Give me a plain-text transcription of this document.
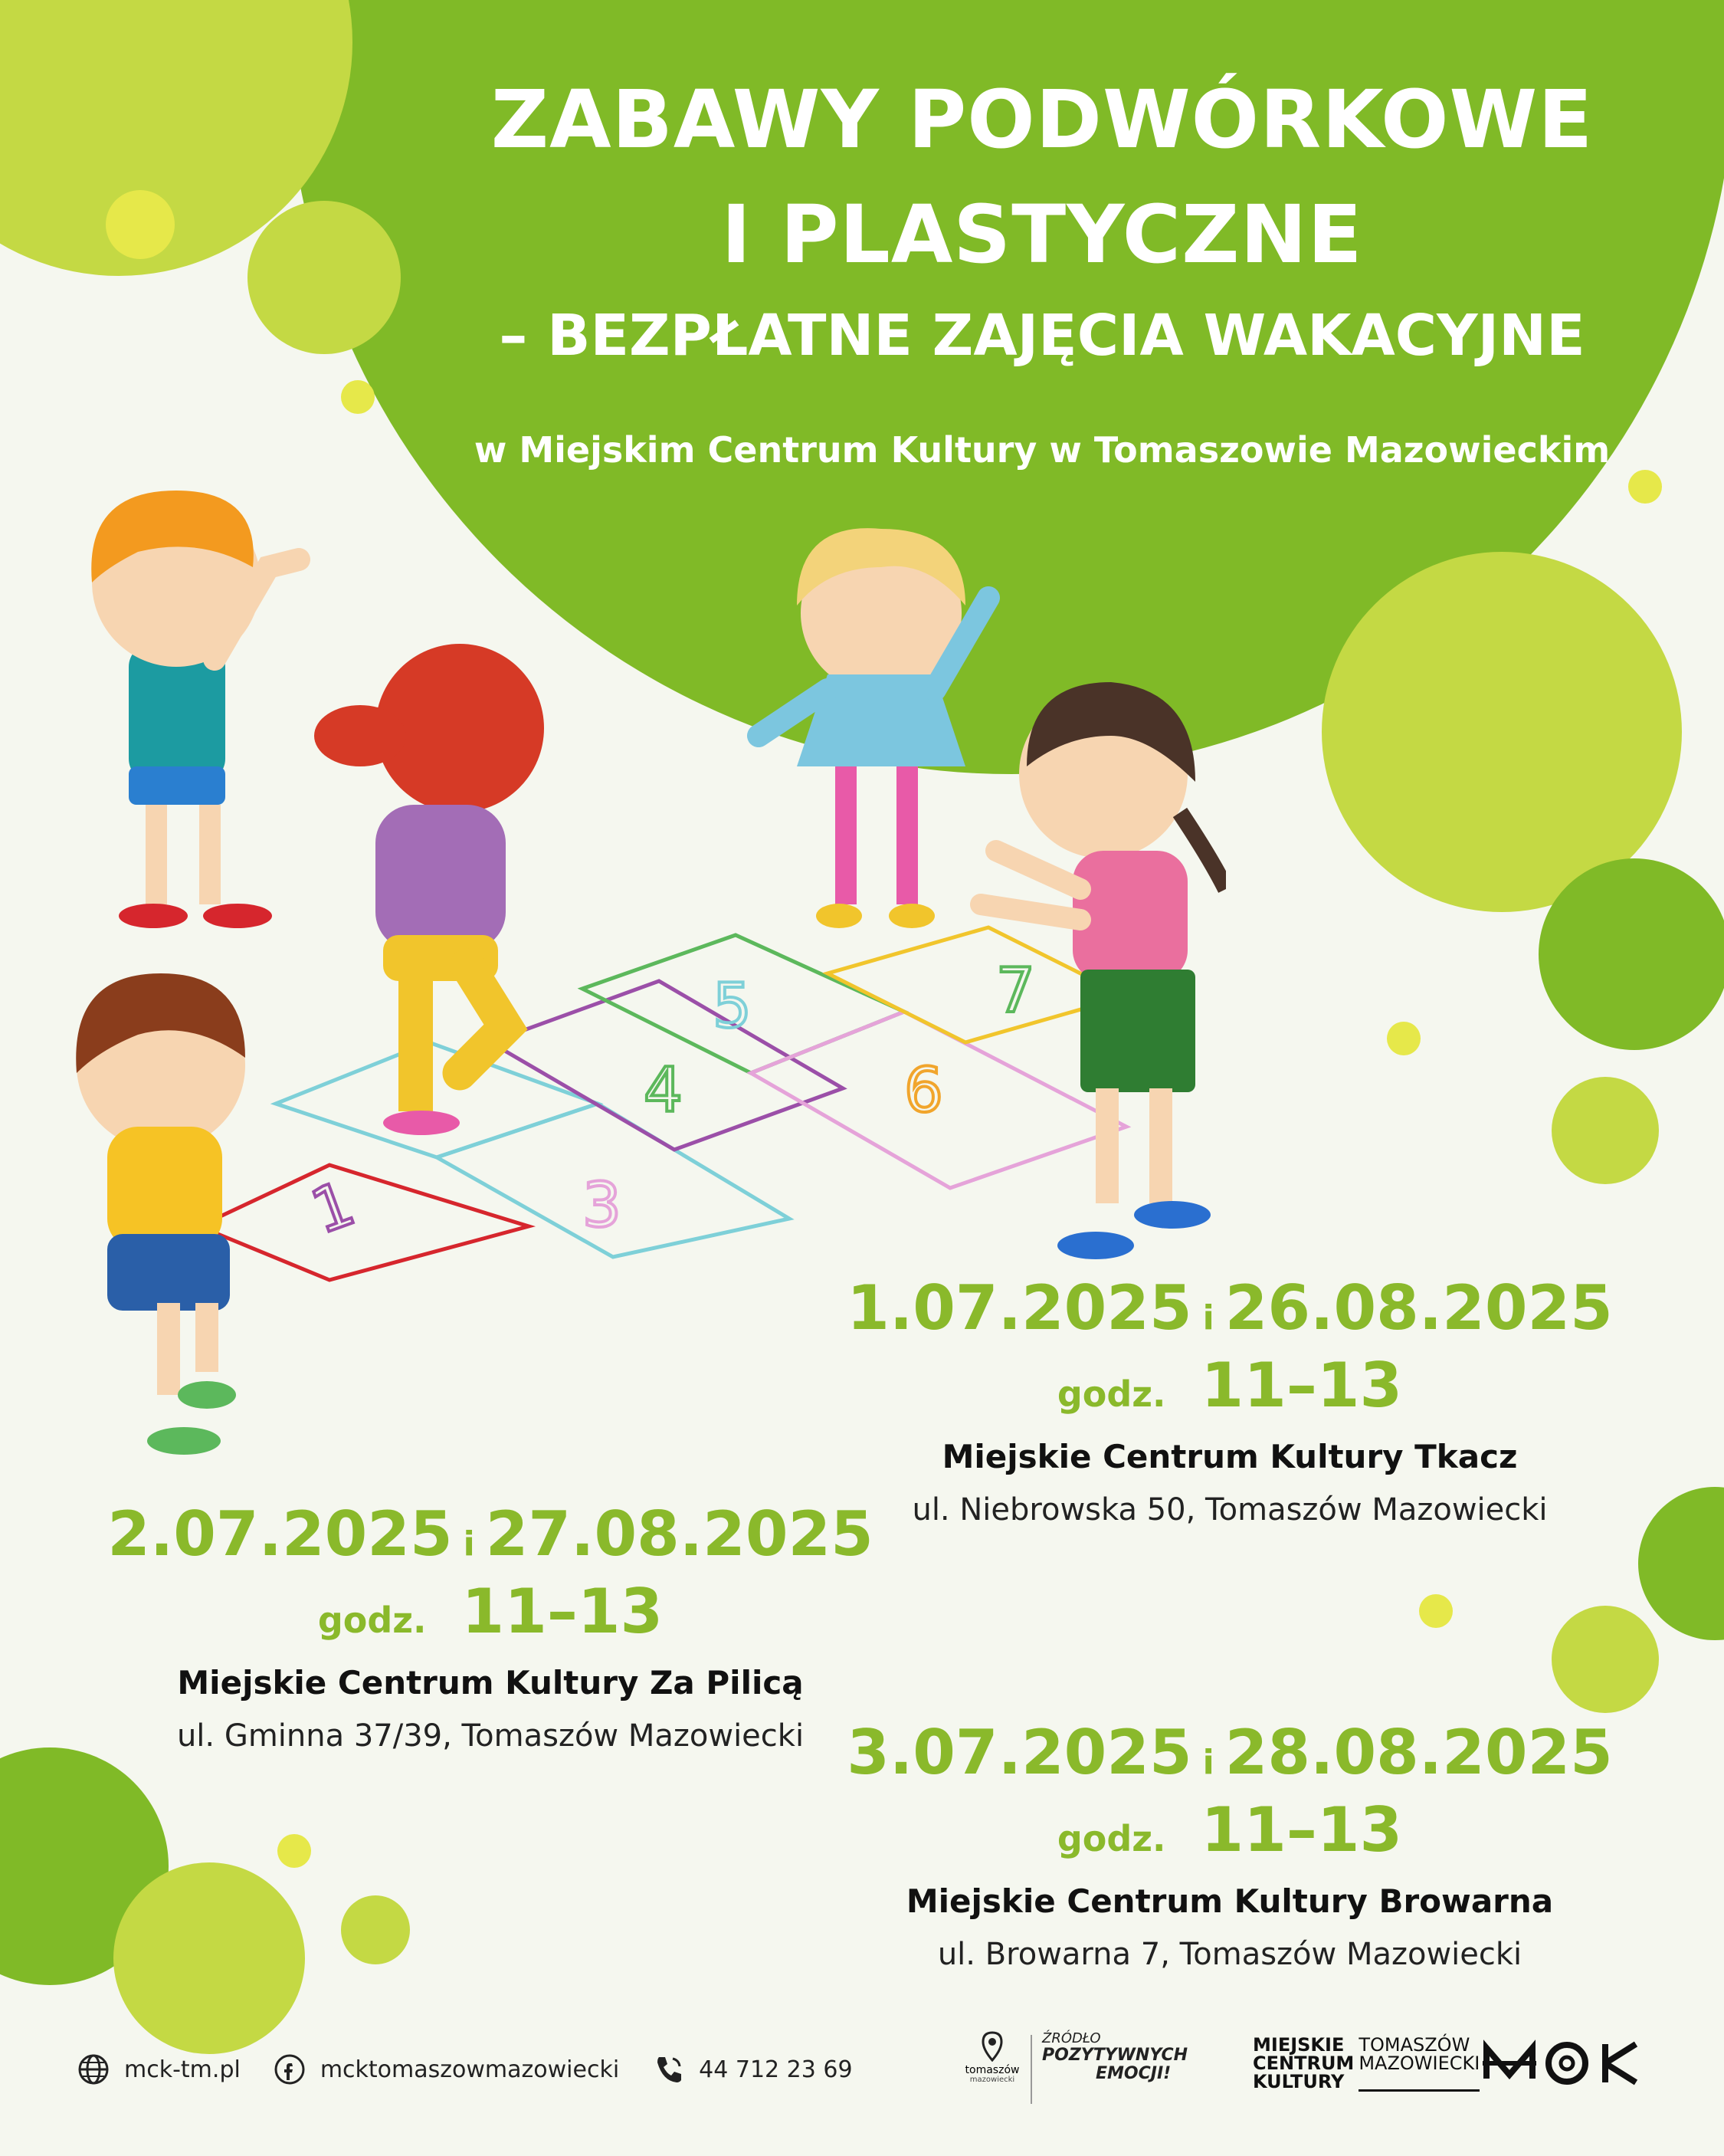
ZABAWY PODWÓRKOWE
I PLASTYCZNE
– BEZPŁATNE ZAJĘCIA WAKACYJNE
w Miejskim Centrum Kultury w Tomaszowie Mazowieckim
1	3
4
5
6
7
1.07.2025 i 26.08.2025
godz. 11–13
Miejskie Centrum Kultury Tkacz
ul. Niebrowska 50, Tomaszów Mazowiecki
2.07.2025 i 27.08.2025
godz. 11–13
Miejskie Centrum Kultury Za Pilicą
ul. Gminna 37/39, Tomaszów Mazowiecki 3.07.2025 i 28.08.2025
godz. 11–13
Miejskie Centrum Kultury Browarna
ul. Browarna 7, Tomaszów Mazowiecki
mck-tm.pl	mcktomaszowmazowiecki	44 712 23 69	tomaszów
mazowiecki
ŹRÓDŁO
POZYTYWNYCH
EMOCJI!
MIEJSKIE
CENTRUM
KULTURY
TOMASZÓW
MAZOWIECKI
